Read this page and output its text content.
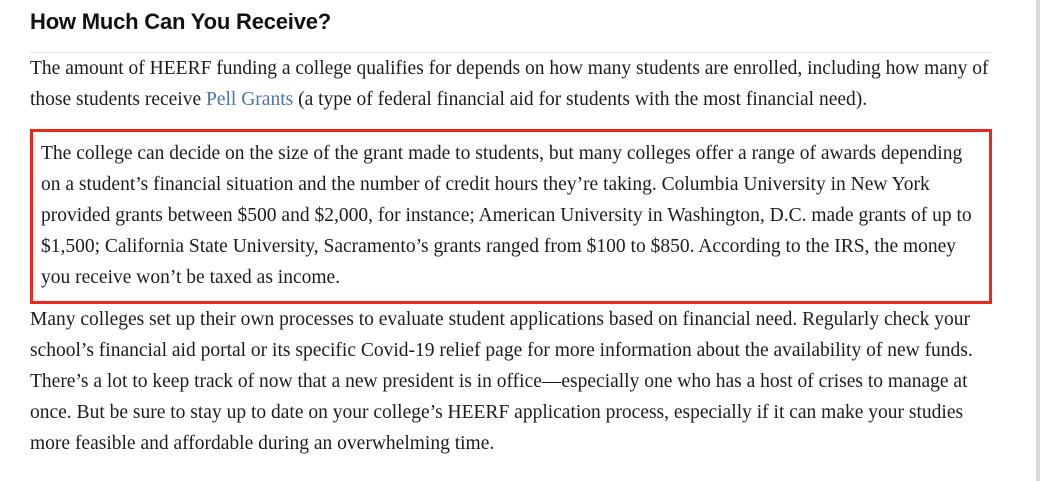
How Much Can You Receive?

The amount of HEERF funding a college qualifies for depends on how many students are enrolled, including how many of those students receive Pell Grants (a type of federal financial aid for students with the most financial need).

The college can decide on the size of the grant made to students, but many colleges offer a range of awards depending on a student’s financial situation and the number of credit hours they’re taking. Columbia University in New York provided grants between $500 and $2,000, for instance; American University in Washington, D.C. made grants of up to $1,500; California State University, Sacramento’s grants ranged from $100 to $850. According to the IRS, the money you receive won’t be taxed as income.

Many colleges set up their own processes to evaluate student applications based on financial need. Regularly check your school’s financial aid portal or its specific Covid-19 relief page for more information about the availability of new funds.

There’s a lot to keep track of now that a new president is in office—especially one who has a host of crises to manage at once. But be sure to stay up to date on your college’s HEERF application process, especially if it can make your studies more feasible and affordable during an overwhelming time.
